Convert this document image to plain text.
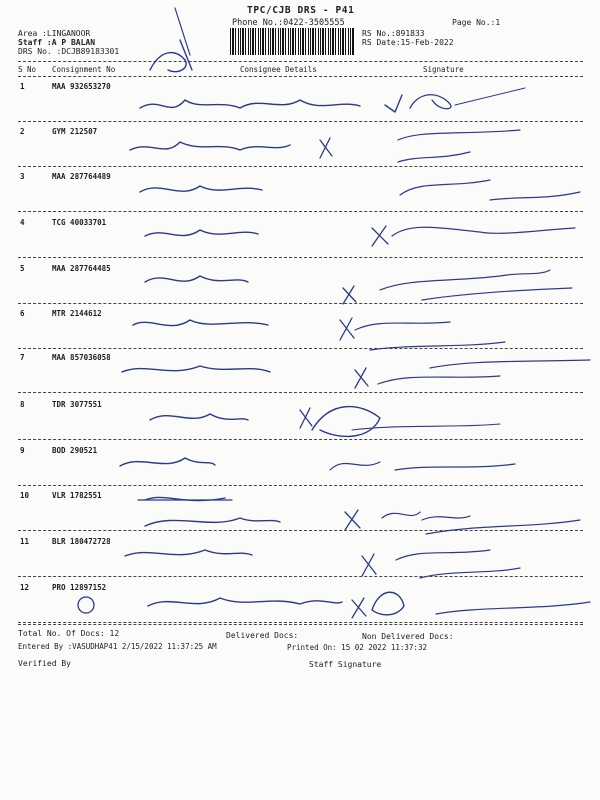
TPC/CJB DRS - P41
Phone No.:0422-3505555
Area :LINGANOOR
Staff :A P BALAN
DRS No. :DCJB89183301
RS No.:891833
RS Date:15-Feb-2022
Page No.:1
S No Consignment No	Consignee Details	Signature
1	MAA 932653270
2	GYM 212507
3	MAA 287764489
4	TCG 40033701
5	MAA 287764485
6	MTR 2144612
7	MAA 857036058
8	TDR 3077551
9	BOD 290521
10	VLR 1782551
11	BLR 180472728
12	PRO 12897152
Total No. Of Docs: 12	Delivered Docs:	Non Delivered Docs:
Entered By :VASUDHAP41 2/15/2022 11:37:25 AM	Printed On: 15 02 2022 11:37:32
Verified By	Staff Signature
